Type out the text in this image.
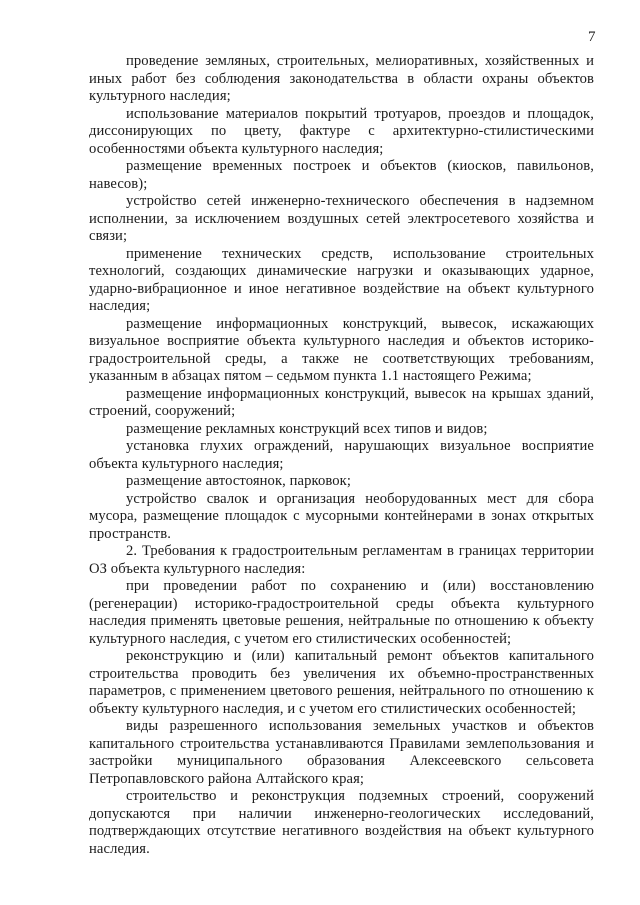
7

проведение земляных, строительных, мелиоративных, хозяйственных и иных работ без соблюдения законодательства в области охраны объектов культурного наследия;

использование материалов покрытий тротуаров, проездов и площадок, диссонирующих по цвету, фактуре с архитектурно-стилистическими особенностями объекта культурного наследия;

размещение временных построек и объектов (киосков, павильонов, навесов);

устройство сетей инженерно-технического обеспечения в надземном исполнении, за исключением воздушных сетей электросетевого хозяйства и связи;

применение технических средств, использование строительных технологий, создающих динамические нагрузки и оказывающих ударное, ударно-вибрационное и иное негативное воздействие на объект культурного наследия;

размещение информационных конструкций, вывесок, искажающих визуальное восприятие объекта культурного наследия и объектов историко-градостроительной среды, а также не соответствующих требованиям, указанным в абзацах пятом – седьмом пункта 1.1 настоящего Режима;

размещение информационных конструкций, вывесок на крышах зданий, строений, сооружений;

размещение рекламных конструкций всех типов и видов;

установка глухих ограждений, нарушающих визуальное восприятие объекта культурного наследия;

размещение автостоянок, парковок;

устройство свалок и организация необорудованных мест для сбора мусора, размещение площадок с мусорными контейнерами в зонах открытых пространств.

2. Требования к градостроительным регламентам в границах территории ОЗ объекта культурного наследия:

при проведении работ по сохранению и (или) восстановлению (регенерации) историко-градостроительной среды объекта культурного наследия применять цветовые решения, нейтральные по отношению к объекту культурного наследия, с учетом его стилистических особенностей;

реконструкцию и (или) капитальный ремонт объектов капитального строительства проводить без увеличения их объемно-пространственных параметров, с применением цветового решения, нейтрального по отношению к объекту культурного наследия, и с учетом его стилистических особенностей;

виды разрешенного использования земельных участков и объектов капитального строительства устанавливаются Правилами землепользования и застройки муниципального образования Алексеевского сельсовета Петропавловского района Алтайского края;

строительство и реконструкция подземных строений, сооружений допускаются при наличии инженерно-геологических исследований, подтверждающих отсутствие негативного воздействия на объект культурного наследия.
